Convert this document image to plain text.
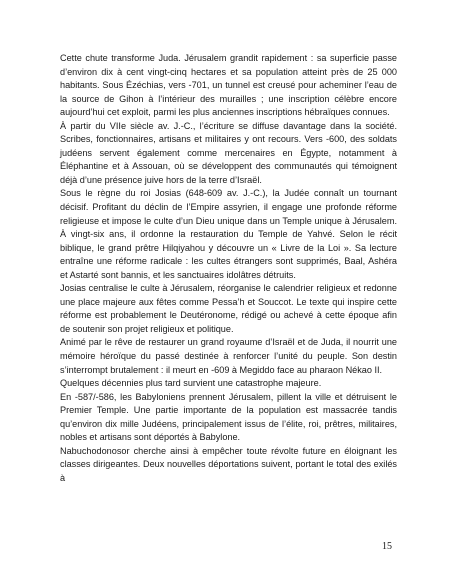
Cette chute transforme Juda. Jérusalem grandit rapidement : sa superficie passe d’environ dix à cent vingt-cinq hectares et sa population atteint près de 25 000 habitants. Sous Ézéchias, vers -701, un tunnel est creusé pour acheminer l’eau de la source de Gihon à l’intérieur des murailles ; une inscription célèbre encore aujourd’hui cet exploit, parmi les plus anciennes inscriptions hébraïques connues.

À partir du VIIe siècle av. J.-C., l’écriture se diffuse davantage dans la société. Scribes, fonctionnaires, artisans et militaires y ont recours. Vers -600, des soldats judéens servent également comme mercenaires en Égypte, notamment à Éléphantine et à Assouan, où se développent des communautés qui témoignent déjà d’une présence juive hors de la terre d’Israël.

Sous le règne du roi Josias (648-609 av. J.-C.), la Judée connaît un tournant décisif. Profitant du déclin de l’Empire assyrien, il engage une profonde réforme religieuse et impose le culte d’un Dieu unique dans un Temple unique à Jérusalem. À vingt-six ans, il ordonne la restauration du Temple de Yahvé. Selon le récit biblique, le grand prêtre Hilqiyahou y découvre un « Livre de la Loi ». Sa lecture entraîne une réforme radicale : les cultes étrangers sont supprimés, Baal, Ashéra et Astarté sont bannis, et les sanctuaires idolâtres détruits.

Josias centralise le culte à Jérusalem, réorganise le calendrier religieux et redonne une place majeure aux fêtes comme Pessa’h et Souccot. Le texte qui inspire cette réforme est probablement le Deutéronome, rédigé ou achevé à cette époque afin de soutenir son projet religieux et politique.

Animé par le rêve de restaurer un grand royaume d’Israël et de Juda, il nourrit une mémoire héroïque du passé destinée à renforcer l’unité du peuple. Son destin s’interrompt brutalement : il meurt en -609 à Megiddo face au pharaon Nékao II.

Quelques décennies plus tard survient une catastrophe majeure.

En -587/-586, les Babyloniens prennent Jérusalem, pillent la ville et détruisent le Premier Temple. Une partie importante de la population est massacrée tandis qu’environ dix mille Judéens, principalement issus de l’élite, roi, prêtres, militaires, nobles et artisans sont déportés à Babylone.

Nabuchodonosor cherche ainsi à empêcher toute révolte future en éloignant les classes dirigeantes. Deux nouvelles déportations suivent, portant le total des exilés à

15
